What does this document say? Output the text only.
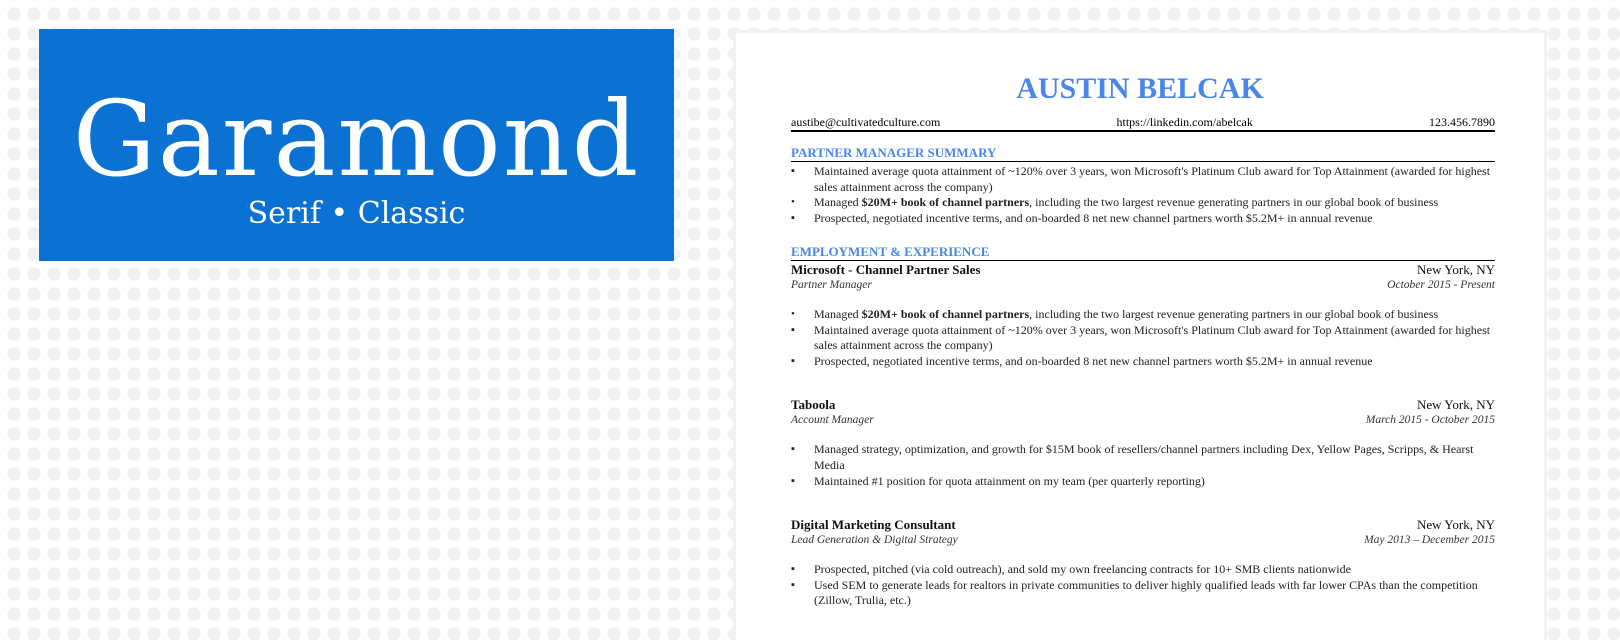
Garamond
Serif • Classic
AUSTIN BELCAK
austibe@cultivatedculture.com	https://linkedin.com/abelcak	123.456.7890
PARTNER MANAGER SUMMARY
▪ Maintained average quota attainment of ~120% over 3 years, won Microsoft's Platinum Club award for Top Attainment (awarded for highest sales attainment across the company)
• Managed $20M+ book of channel partners, including the two largest revenue generating partners in our global book of business
▪ Prospected, negotiated incentive terms, and on-boarded 8 net new channel partners worth $5.2M+ in annual revenue
EMPLOYMENT & EXPERIENCE
Microsoft - Channel Partner Sales	New York, NY
Partner Manager	October 2015 - Present
• Managed $20M+ book of channel partners, including the two largest revenue generating partners in our global book of business
▪ Maintained average quota attainment of ~120% over 3 years, won Microsoft's Platinum Club award for Top Attainment (awarded for highest sales attainment across the company)
▪ Prospected, negotiated incentive terms, and on-boarded 8 net new channel partners worth $5.2M+ in annual revenue
Taboola	New York, NY
Account Manager	March 2015 - October 2015
▪ Managed strategy, optimization, and growth for $15M book of resellers/channel partners including Dex, Yellow Pages, Scripps, & Hearst Media
▪ Maintained #1 position for quota attainment on my team (per quarterly reporting)
Digital Marketing Consultant	New York, NY
Lead Generation & Digital Strategy	May 2013 – December 2015
▪ Prospected, pitched (via cold outreach), and sold my own freelancing contracts for 10+ SMB clients nationwide
▪ Used SEM to generate leads for realtors in private communities to deliver highly qualified leads with far lower CPAs than the competition (Zillow, Trulia, etc.)
